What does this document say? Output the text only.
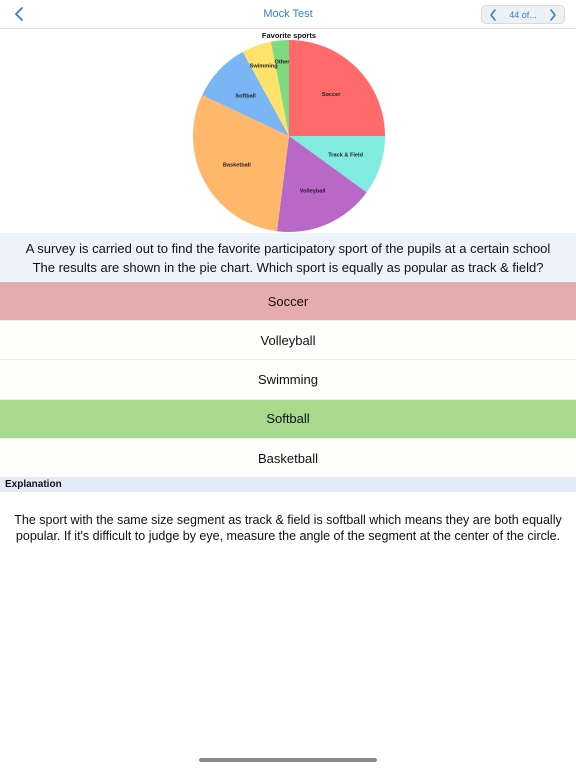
Mock Test	44 of...
Favorite sports
Soccer
Track & Field
Volleyball
Basketball
Softball
Swimming
Other
A survey is carried out to find the favorite participatory sport of the pupils at a certain school The results are shown in the pie chart. Which sport is equally as popular as track & field?
Soccer
Volleyball
Swimming
Softball
Basketball
Explanation
The sport with the same size segment as track & field is softball which means they are both equally popular. If it's difficult to judge by eye, measure the angle of the segment at the center of the circle.
